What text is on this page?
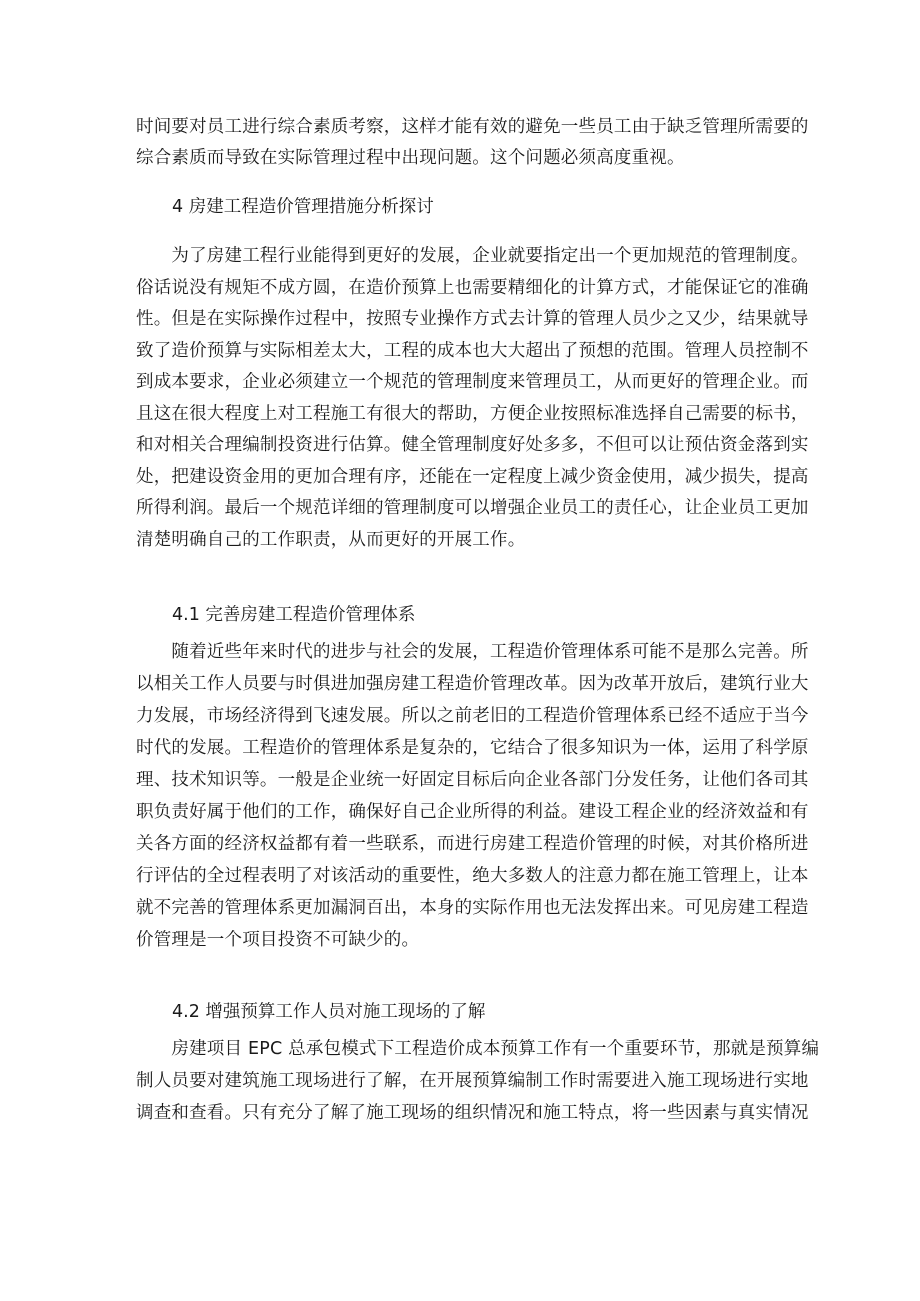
时间要对员工进行综合素质考察，这样才能有效的避免一些员工由于缺乏管理所需要的
综合素质而导致在实际管理过程中出现问题。这个问题必须高度重视。
4 房建工程造价管理措施分析探讨
　　为了房建工程行业能得到更好的发展，企业就要指定出一个更加规范的管理制度。
俗话说没有规矩不成方圆，在造价预算上也需要精细化的计算方式，才能保证它的准确
性。但是在实际操作过程中，按照专业操作方式去计算的管理人员少之又少，结果就导
致了造价预算与实际相差太大，工程的成本也大大超出了预想的范围。管理人员控制不
到成本要求，企业必须建立一个规范的管理制度来管理员工，从而更好的管理企业。而
且这在很大程度上对工程施工有很大的帮助，方便企业按照标准选择自己需要的标书，
和对相关合理编制投资进行估算。健全管理制度好处多多，不但可以让预估资金落到实
处，把建设资金用的更加合理有序，还能在一定程度上减少资金使用，减少损失，提高
所得利润。最后一个规范详细的管理制度可以增强企业员工的责任心，让企业员工更加
清楚明确自己的工作职责，从而更好的开展工作。
4.1 完善房建工程造价管理体系
　　随着近些年来时代的进步与社会的发展，工程造价管理体系可能不是那么完善。所
以相关工作人员要与时俱进加强房建工程造价管理改革。因为改革开放后，建筑行业大
力发展，市场经济得到飞速发展。所以之前老旧的工程造价管理体系已经不适应于当今
时代的发展。工程造价的管理体系是复杂的，它结合了很多知识为一体，运用了科学原
理、技术知识等。一般是企业统一好固定目标后向企业各部门分发任务，让他们各司其
职负责好属于他们的工作，确保好自己企业所得的利益。建设工程企业的经济效益和有
关各方面的经济权益都有着一些联系，而进行房建工程造价管理的时候，对其价格所进
行评估的全过程表明了对该活动的重要性，绝大多数人的注意力都在施工管理上，让本
就不完善的管理体系更加漏洞百出，本身的实际作用也无法发挥出来。可见房建工程造
价管理是一个项目投资不可缺少的。
4.2 增强预算工作人员对施工现场的了解
　　房建项目 EPC 总承包模式下工程造价成本预算工作有一个重要环节，那就是预算编
制人员要对建筑施工现场进行了解，在开展预算编制工作时需要进入施工现场进行实地
调查和查看。只有充分了解了施工现场的组织情况和施工特点，将一些因素与真实情况
